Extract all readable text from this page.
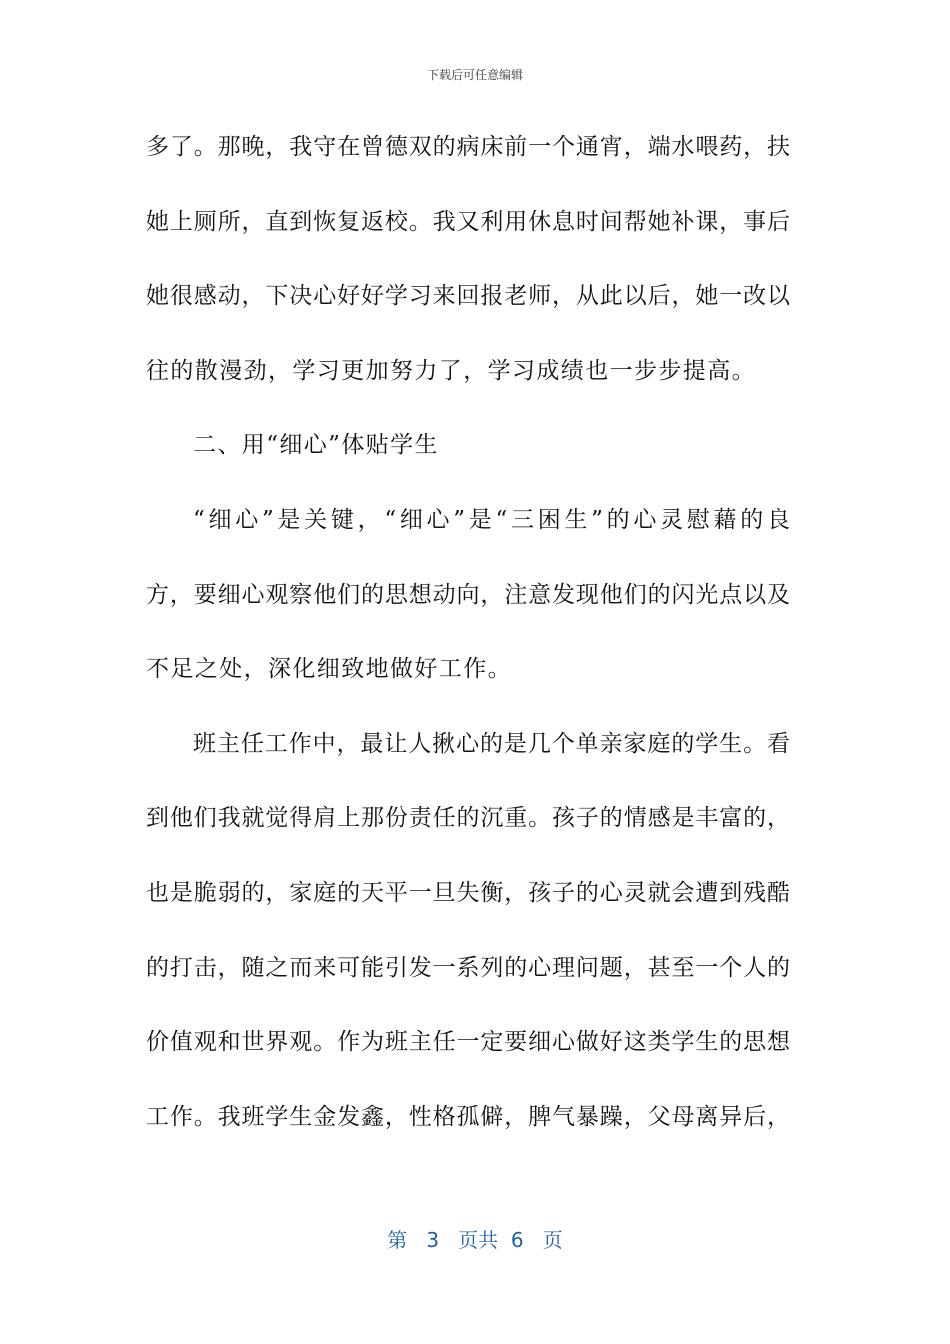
下载后可任意编辑
多了。那晚，我守在曾德双的病床前一个通宵，端水喂药，扶
她上厕所，直到恢复返校。我又利用休息时间帮她补课，事后
她很感动，下决心好好学习来回报老师，从此以后，她一改以
往的散漫劲，学习更加努力了，学习成绩也一步步提高。
二、用“细心”体贴学生
“细心”是关键，“细心”是“三困生”的心灵慰藉的良
方，要细心观察他们的思想动向，注意发现他们的闪光点以及
不足之处，深化细致地做好工作。
班主任工作中，最让人揪心的是几个单亲家庭的学生。看
到他们我就觉得肩上那份责任的沉重。孩子的情感是丰富的，
也是脆弱的，家庭的天平一旦失衡，孩子的心灵就会遭到残酷
的打击，随之而来可能引发一系列的心理问题，甚至一个人的
价值观和世界观。作为班主任一定要细心做好这类学生的思想
工作。我班学生金发鑫，性格孤僻，脾气暴躁，父母离异后，
第 3 页共 6 页
